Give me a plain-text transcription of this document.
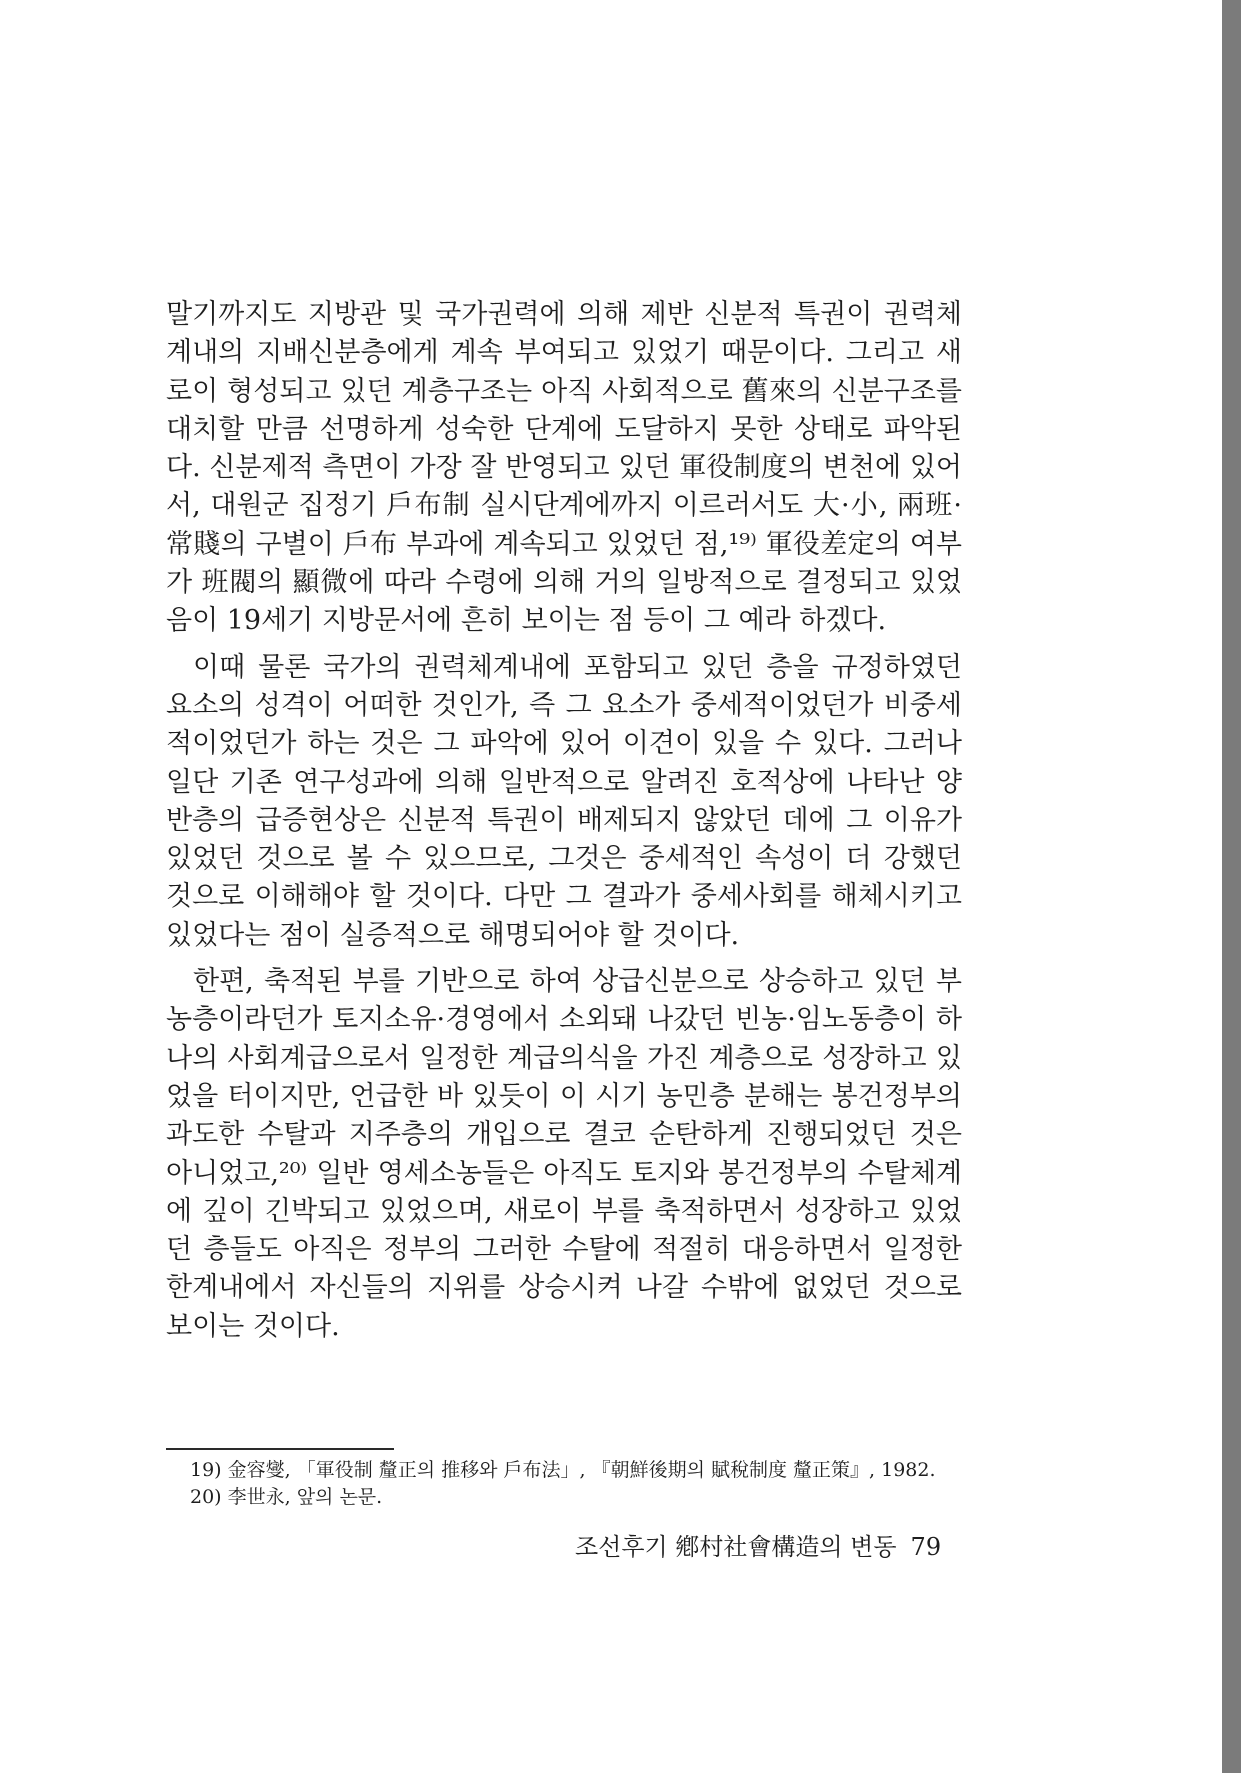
말기까지도 지방관 및 국가권력에 의해 제반 신분적 특권이 권력체계내의 지배신분층에게 계속 부여되고 있었기 때문이다. 그리고 새로이 형성되고 있던 계층구조는 아직 사회적으로 舊來의 신분구조를 대치할 만큼 선명하게 성숙한 단계에 도달하지 못한 상태로 파악된다. 신분제적 측면이 가장 잘 반영되고 있던 軍役制度의 변천에 있어서, 대원군 집정기 戶布制 실시단계에까지 이르러서도 大·小, 兩班·常賤의 구별이 戶布 부과에 계속되고 있었던 점,¹⁹⁾ 軍役差定의 여부가 班閥의 顯微에 따라 수령에 의해 거의 일방적으로 결정되고 있었음이 19세기 지방문서에 흔히 보이는 점 등이 그 예라 하겠다.

이때 물론 국가의 권력체계내에 포함되고 있던 층을 규정하였던 요소의 성격이 어떠한 것인가, 즉 그 요소가 중세적이었던가 비중세적이었던가 하는 것은 그 파악에 있어 이견이 있을 수 있다. 그러나 일단 기존 연구성과에 의해 일반적으로 알려진 호적상에 나타난 양반층의 급증현상은 신분적 특권이 배제되지 않았던 데에 그 이유가 있었던 것으로 볼 수 있으므로, 그것은 중세적인 속성이 더 강했던 것으로 이해해야 할 것이다. 다만 그 결과가 중세사회를 해체시키고 있었다는 점이 실증적으로 해명되어야 할 것이다.

한편, 축적된 부를 기반으로 하여 상급신분으로 상승하고 있던 부농층이라던가 토지소유·경영에서 소외돼 나갔던 빈농·임노동층이 하나의 사회계급으로서 일정한 계급의식을 가진 계층으로 성장하고 있었을 터이지만, 언급한 바 있듯이 이 시기 농민층 분해는 봉건정부의 과도한 수탈과 지주층의 개입으로 결코 순탄하게 진행되었던 것은 아니었고,²⁰⁾ 일반 영세소농들은 아직도 토지와 봉건정부의 수탈체계에 깊이 긴박되고 있었으며, 새로이 부를 축적하면서 성장하고 있었던 층들도 아직은 정부의 그러한 수탈에 적절히 대응하면서 일정한 한계내에서 자신들의 지위를 상승시켜 나갈 수밖에 없었던 것으로 보이는 것이다.

19) 金容燮, 「軍役制 釐正의 推移와 戶布法」, 『朝鮮後期의 賦稅制度 釐正策』, 1982.

20) 李世永, 앞의 논문.

조선후기 鄕村社會構造의 변동 79
